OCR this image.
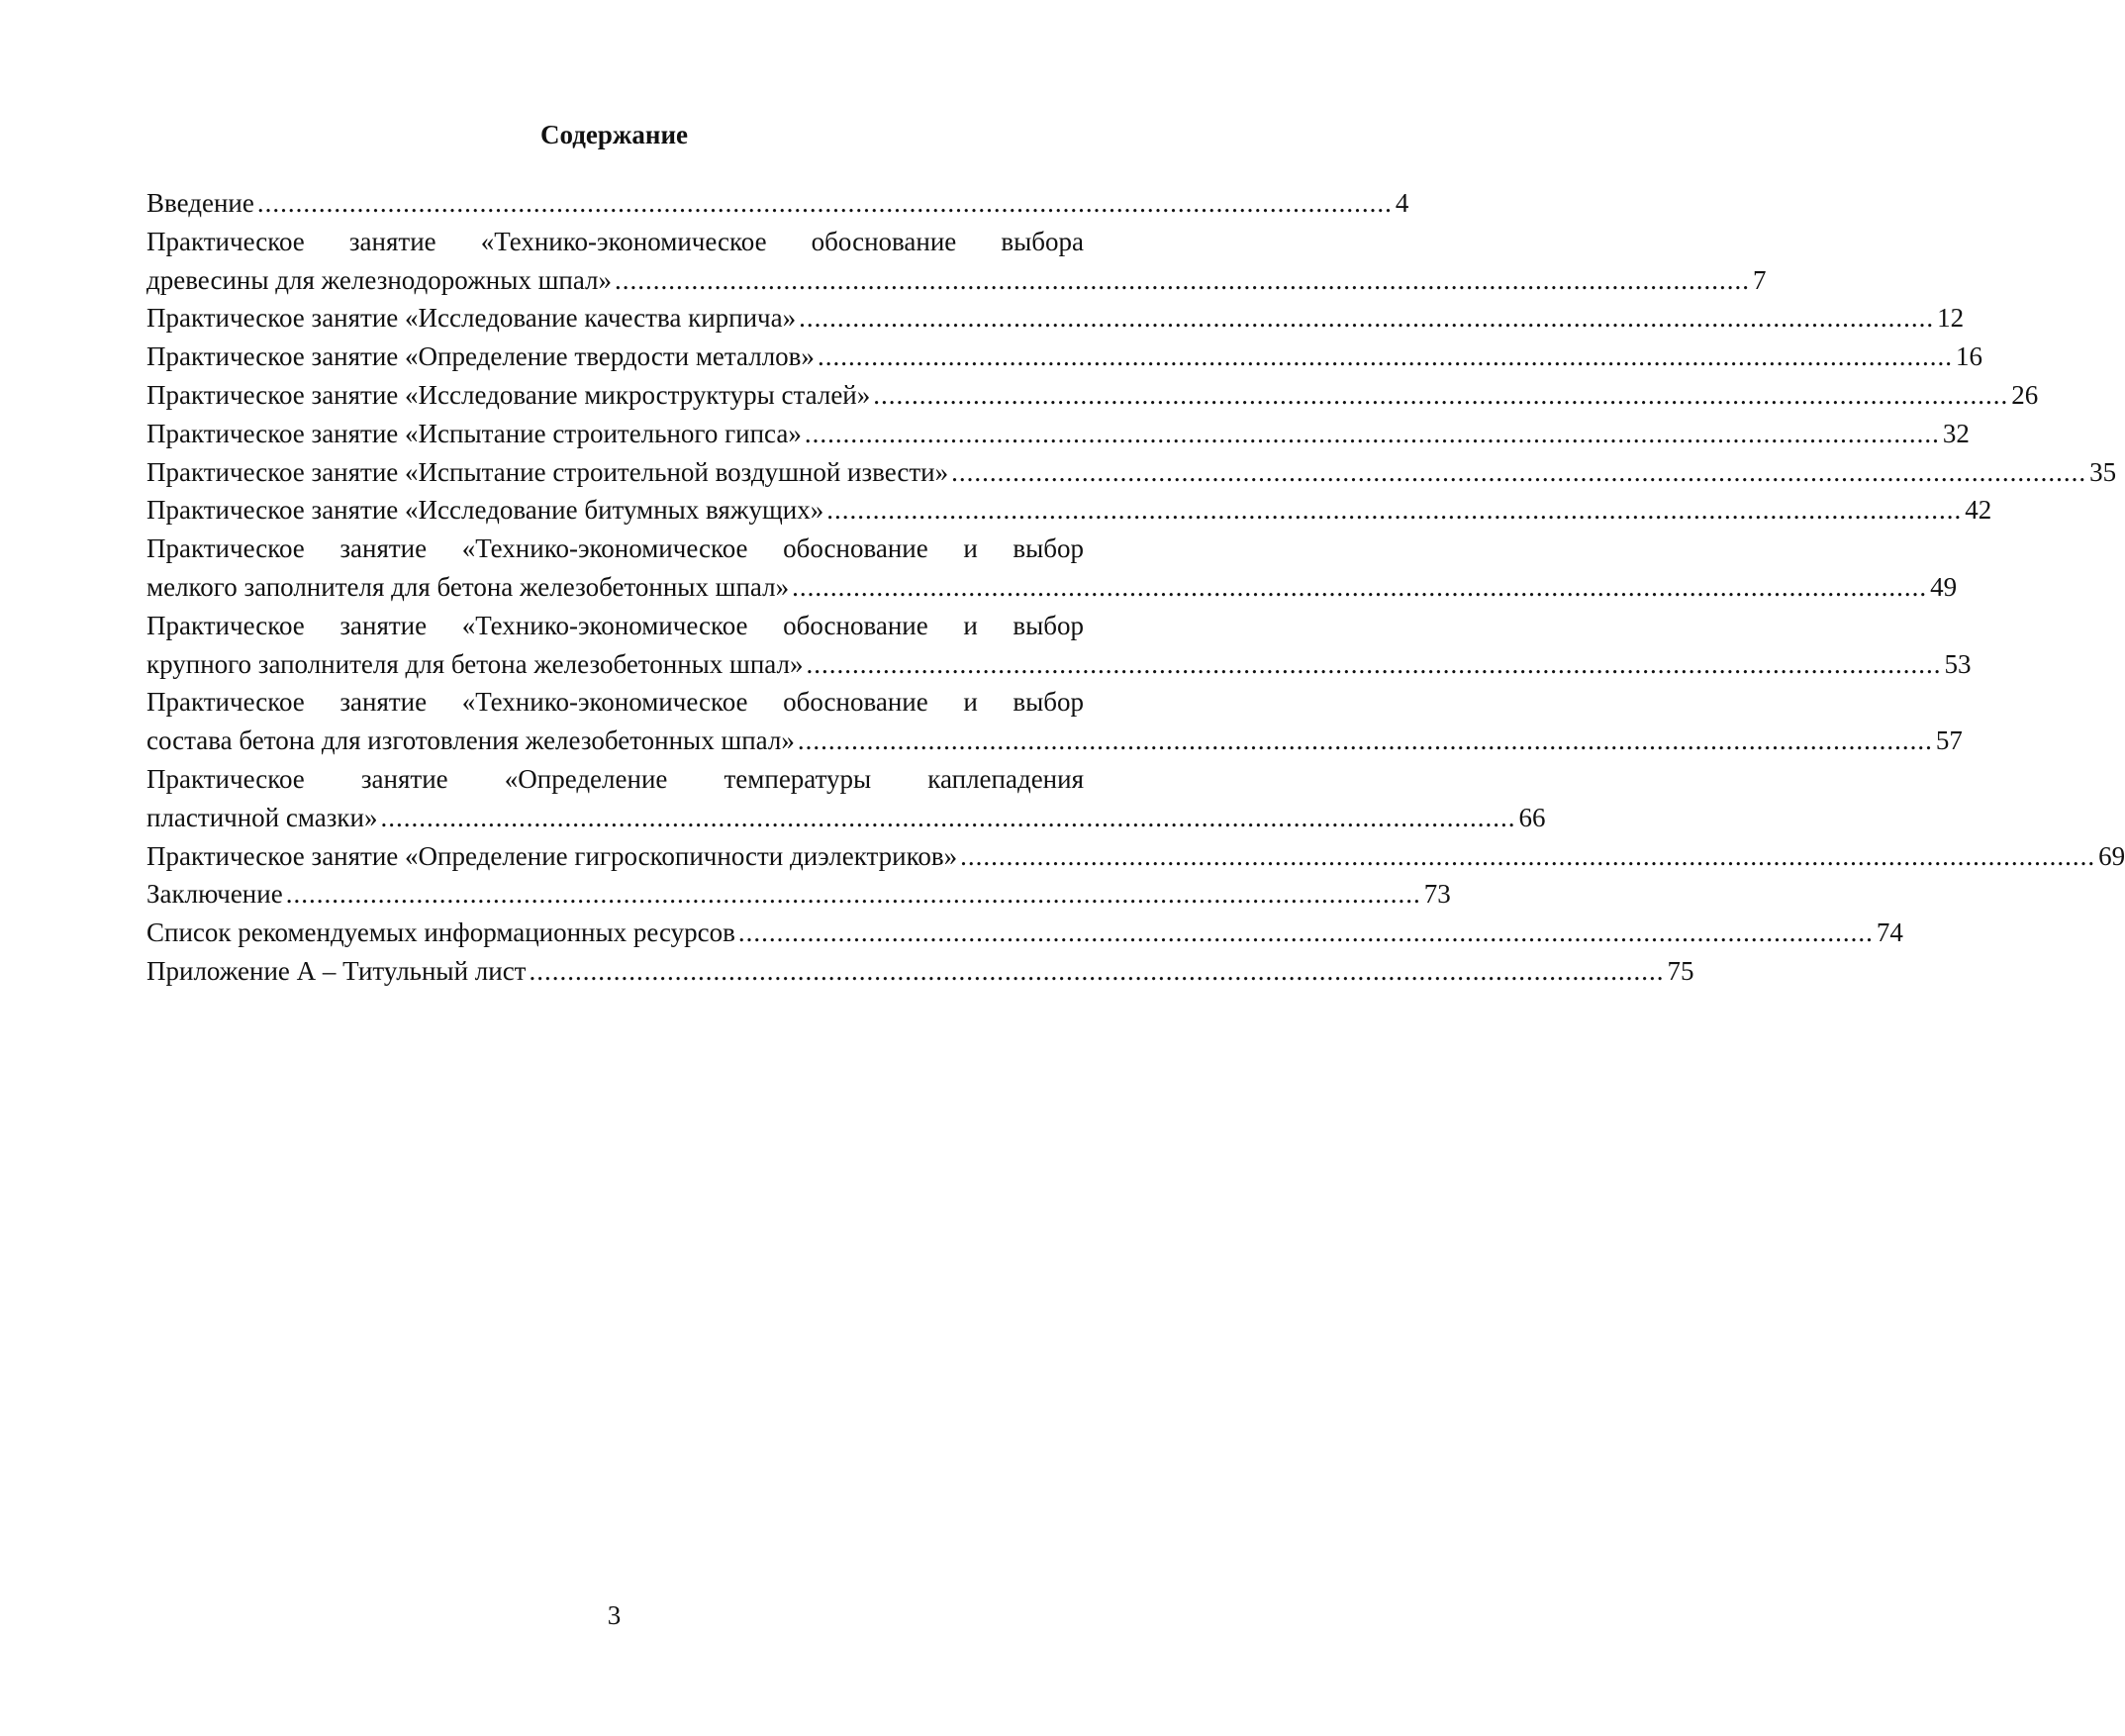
Содержание
Введение .................................................................................................................................................... 4
Практическое занятие «Технико-экономическое обоснование выбора
древесины для железнодорожных шпал» .................................................................................................................................................... 7
Практическое занятие «Исследование качества кирпича» .................................................................................................................................................... 12
Практическое занятие «Определение твердости металлов» .................................................................................................................................................... 16
Практическое занятие «Исследование микроструктуры сталей» .................................................................................................................................................... 26
Практическое занятие «Испытание строительного гипса» .................................................................................................................................................... 32
Практическое занятие «Испытание строительной воздушной извести» .................................................................................................................................................... 35
Практическое занятие «Исследование битумных вяжущих» .................................................................................................................................................... 42
Практическое занятие «Технико-экономическое обоснование и выбор
мелкого заполнителя для бетона железобетонных шпал» .................................................................................................................................................... 49
Практическое занятие «Технико-экономическое обоснование и выбор
крупного заполнителя для бетона железобетонных шпал» .................................................................................................................................................... 53
Практическое занятие «Технико-экономическое обоснование и выбор
состава бетона для изготовления железобетонных шпал» .................................................................................................................................................... 57
Практическое занятие «Определение температуры каплепадения
пластичной смазки» .................................................................................................................................................... 66
Практическое занятие «Определение гигроскопичности диэлектриков» .................................................................................................................................................... 69
Заключение .................................................................................................................................................... 73
Список рекомендуемых информационных ресурсов .................................................................................................................................................... 74
Приложение А – Титульный лист .................................................................................................................................................... 75
3
